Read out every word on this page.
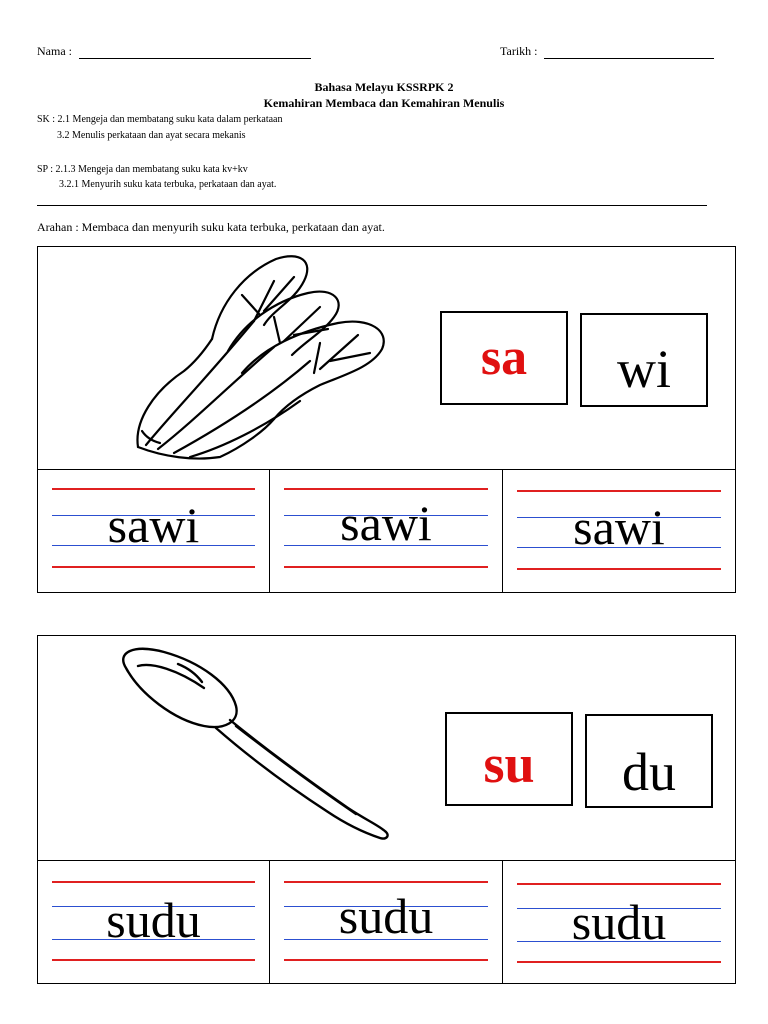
Nama :	Tarikh :
Bahasa Melayu KSSRPK 2
Kemahiran Membaca dan Kemahiran Menulis
SK : 2.1 Mengeja dan membatang suku kata dalam perkataan
3.2 Menulis perkataan dan ayat secara mekanis
SP : 2.1.3 Mengeja dan membatang suku kata kv+kv
3.2.1 Menyurih suku kata terbuka, perkataan dan ayat.
Arahan : Membaca dan menyurih suku kata terbuka, perkataan dan ayat.
sa	wi
sawi	sawi	sawi
su	du
sudu	sudu	sudu
